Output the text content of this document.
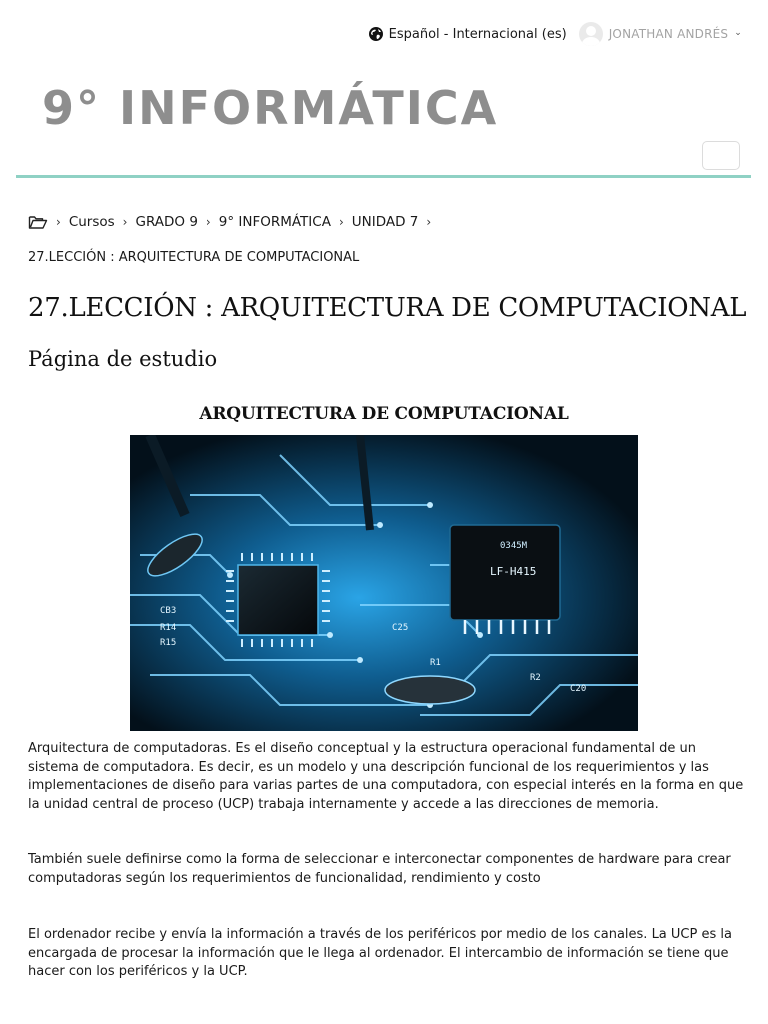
Español - Internacional (es)	JONATHAN ANDRÉS ⌄
9° INFORMÁTICA
› Cursos › GRADO 9 › 9° INFORMÁTICA › UNIDAD 7 ›
27.LECCIÓN : ARQUITECTURA DE COMPUTACIONAL
27.LECCIÓN : ARQUITECTURA DE COMPUTACIONAL
Página de estudio
ARQUITECTURA DE COMPUTACIONAL
0345M
LF-H415
CB3
R14
R15
C25
C20
R1
R2

Arquitectura de computadoras. Es el diseño conceptual y la estructura operacional fundamental de un sistema de computadora. Es decir, es un modelo y una descripción funcional de los requerimientos y las implementaciones de diseño para varias partes de una computadora, con especial interés en la forma en que la unidad central de proceso (UCP) trabaja internamente y accede a las direcciones de memoria.

También suele definirse como la forma de seleccionar e interconectar componentes de hardware para crear computadoras según los requerimientos de funcionalidad, rendimiento y costo

El ordenador recibe y envía la información a través de los periféricos por medio de los canales. La UCP es la encargada de procesar la información que le llega al ordenador. El intercambio de información se tiene que hacer con los periféricos y la UCP.
